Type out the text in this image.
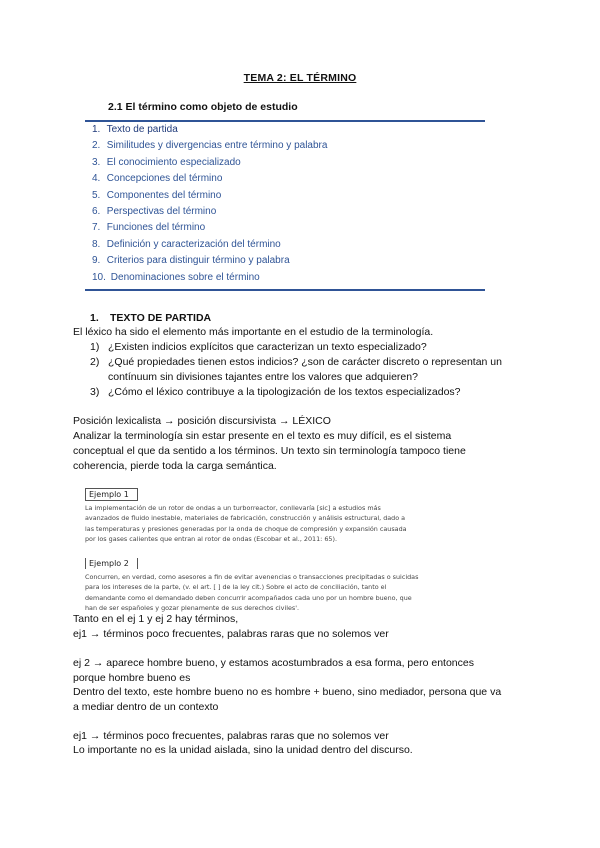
TEMA 2: EL TÉRMINO
2.1 El término como objeto de estudio
1. Texto de partida
2. Similitudes y divergencias entre término y palabra
3. El conocimiento especializado
4. Concepciones del término
5. Componentes del término
6. Perspectivas del término
7. Funciones del término
8. Definición y caracterización del término
9. Criterios para distinguir término y palabra
10. Denominaciones sobre el término
1. TEXTO DE PARTIDA
El léxico ha sido el elemento más importante en el estudio de la terminología.
1) ¿Existen indicios explícitos que caracterizan un texto especializado?
2) ¿Qué propiedades tienen estos indicios? ¿son de carácter discreto o representan un
contínuum sin divisiones tajantes entre los valores que adquieren?
3) ¿Cómo el léxico contribuye a la tipologización de los textos especializados?
Posición lexicalista → posición discursivista → LÉXICO
Analizar la terminología sin estar presente en el texto es muy difícil, es el sistema
conceptual el que da sentido a los términos. Un texto sin terminología tampoco tiene
coherencia, pierde toda la carga semántica.
Ejemplo 1
La implementación de un rotor de ondas a un turborreactor, conllevaría [sic] a estudios más
avanzados de fluido inestable, materiales de fabricación, construcción y análisis estructural, dado a
las temperaturas y presiones generadas por la onda de choque de compresión y expansión causada
por los gases calientes que entran al rotor de ondas (Escobar et al., 2011: 65).
Ejemplo 2
Concurren, en verdad, como asesores a fin de evitar avenencias o transacciones precipitadas o suicidas
para los intereses de la parte, (v. el art. [ ] de la ley cit.) Sobre el acto de conciliación, tanto el
demandante como el demandado deben concurrir acompañados cada uno por un hombre bueno, que
han de ser españoles y gozar plenamente de sus derechos civiles'.
Tanto en el ej 1 y ej 2 hay términos,
ej1 → términos poco frecuentes, palabras raras que no solemos ver
ej 2 → aparece hombre bueno, y estamos acostumbrados a esa forma, pero entonces
porque hombre bueno es
Dentro del texto, este hombre bueno no es hombre + bueno, sino mediador, persona que va
a mediar dentro de un contexto
ej1 → términos poco frecuentes, palabras raras que no solemos ver
Lo importante no es la unidad aislada, sino la unidad dentro del discurso.
